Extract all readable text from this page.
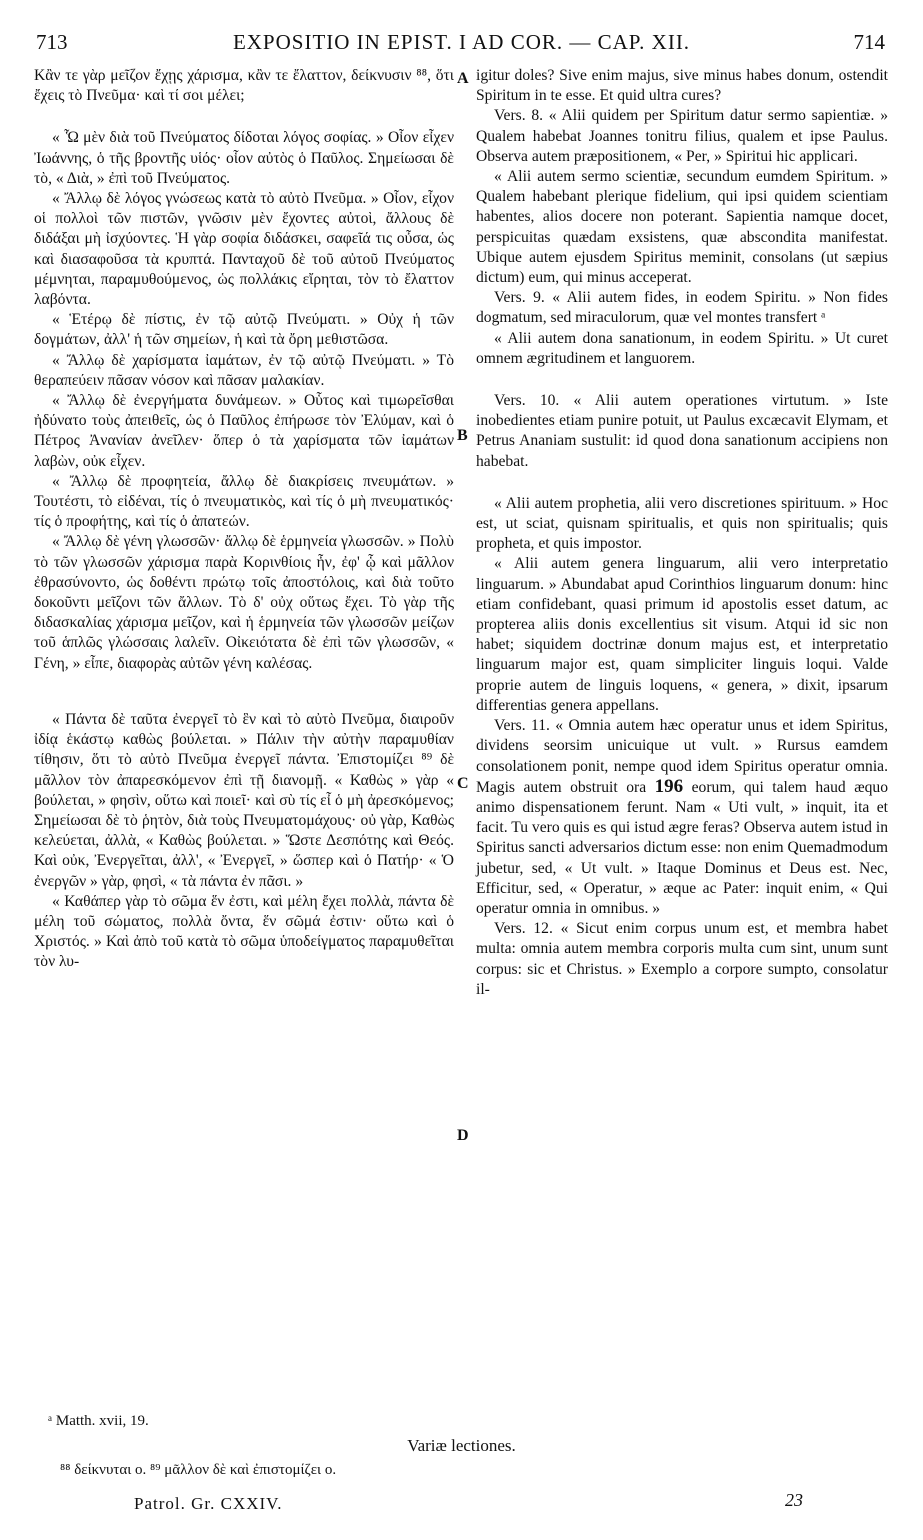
713	EXPOSITIO IN EPIST. I AD COR. — CAP. XII.	714
A
B
C
D

Κἂν τε γὰρ μεῖζον ἔχῃς χάρισμα, κἂν τε ἔλαττον, δείκνυσιν ⁸⁸, ὅτι ἔχεις τὸ Πνεῦμα· καὶ τί σοι μέλει;

« Ὧ μὲν διὰ τοῦ Πνεύματος δίδοται λόγος σοφίας. » Οἷον εἶχεν Ἰωάννης, ὁ τῆς βροντῆς υἱός· οἷον αὐτὸς ὁ Παῦλος. Σημείωσαι δὲ τὸ, « Διὰ, » ἐπὶ τοῦ Πνεύματος.

« Ἄλλῳ δὲ λόγος γνώσεως κατὰ τὸ αὐτὸ Πνεῦμα. » Οἷον, εἶχον οἱ πολλοὶ τῶν πιστῶν, γνῶσιν μὲν ἔχοντες αὐτοὶ, ἄλλους δὲ διδάξαι μὴ ἰσχύοντες. Ἡ γὰρ σοφία διδάσκει, σαφεῖά τις οὖσα, ὡς καὶ διασαφοῦσα τὰ κρυπτά. Πανταχοῦ δὲ τοῦ αὐτοῦ Πνεύματος μέμνηται, παραμυθούμενος, ὡς πολλάκις εἴρηται, τὸν τὸ ἔλαττον λαβόντα.

« Ἑτέρῳ δὲ πίστις, ἐν τῷ αὐτῷ Πνεύματι. » Οὐχ ἡ τῶν δογμάτων, ἀλλ' ἡ τῶν σημείων, ἡ καὶ τὰ ὄρη μεθιστῶσα.

« Ἄλλῳ δὲ χαρίσματα ἰαμάτων, ἐν τῷ αὐτῷ Πνεύματι. » Τὸ θεραπεύειν πᾶσαν νόσον καὶ πᾶσαν μαλακίαν.

« Ἄλλῳ δὲ ἐνεργήματα δυνάμεων. » Οὗτος καὶ τιμωρεῖσθαι ἠδύνατο τοὺς ἀπειθεῖς, ὡς ὁ Παῦλος ἐπήρωσε τὸν Ἐλύμαν, καὶ ὁ Πέτρος Ἀνανίαν ἀνεῖλεν· ὅπερ ὁ τὰ χαρίσματα τῶν ἰαμάτων λαβὼν, οὐκ εἶχεν.

« Ἄλλῳ δὲ προφητεία, ἄλλῳ δὲ διακρίσεις πνευμάτων. » Τουτέστι, τὸ εἰδέναι, τίς ὁ πνευματικὸς, καὶ τίς ὁ μὴ πνευματικός· τίς ὁ προφήτης, καὶ τίς ὁ ἀπατεών.

« Ἄλλῳ δὲ γένη γλωσσῶν· ἄλλῳ δὲ ἑρμηνεία γλωσσῶν. » Πολὺ τὸ τῶν γλωσσῶν χάρισμα παρὰ Κορινθίοις ἦν, ἐφ' ᾧ καὶ μᾶλλον ἐθρασύνοντο, ὡς δοθέντι πρώτῳ τοῖς ἀποστόλοις, καὶ διὰ τοῦτο δοκοῦντι μεῖζονι τῶν ἄλλων. Τὸ δ' οὐχ οὕτως ἔχει. Τὸ γὰρ τῆς διδασκαλίας χάρισμα μεῖζον, καὶ ἡ ἑρμηνεία τῶν γλωσσῶν μείζων τοῦ ἁπλῶς γλώσσαις λαλεῖν. Οἰκειότατα δὲ ἐπὶ τῶν γλωσσῶν, « Γένη, » εἶπε, διαφορὰς αὐτῶν γένη καλέσας.

« Πάντα δὲ ταῦτα ἐνεργεῖ τὸ ἓν καὶ τὸ αὐτὸ Πνεῦμα, διαιροῦν ἰδίᾳ ἑκάστῳ καθὼς βούλεται. » Πάλιν τὴν αὐτὴν παραμυθίαν τίθησιν, ὅτι τὸ αὐτὸ Πνεῦμα ἐνεργεῖ πάντα. Ἐπιστομίζει ⁸⁹ δὲ μᾶλλον τὸν ἀπαρεσκόμενον ἐπὶ τῇ διανομῇ. « Καθὼς » γὰρ « βούλεται, » φησὶν, οὕτω καὶ ποιεῖ· καὶ σὺ τίς εἶ ὁ μὴ ἀρεσκόμενος; Σημείωσαι δὲ τὸ ῥητὸν, διὰ τοὺς Πνευματομάχους· οὐ γὰρ, Καθὼς κελεύεται, ἀλλὰ, « Καθὼς βούλεται. » Ὥστε Δεσπότης καὶ Θεός. Καὶ οὐκ, Ἐνεργεῖται, ἀλλ', « Ἐνεργεῖ, » ὥσπερ καὶ ὁ Πατήρ· « Ὁ ἐνεργῶν » γὰρ, φησὶ, « τὰ πάντα ἐν πᾶσι. »

« Καθάπερ γὰρ τὸ σῶμα ἕν ἐστι, καὶ μέλη ἔχει πολλὰ, πάντα δὲ μέλη τοῦ σώματος, πολλὰ ὄντα, ἕν σῶμά ἐστιν· οὕτω καὶ ὁ Χριστός. » Καὶ ἀπὸ τοῦ κατὰ τὸ σῶμα ὑποδείγματος παραμυθεῖται τὸν λυ-

igitur doles? Sive enim majus, sive minus habes donum, ostendit Spiritum in te esse. Et quid ultra cures?

Vers. 8. « Alii quidem per Spiritum datur sermo sapientiæ. » Qualem habebat Joannes tonitru filius, qualem et ipse Paulus. Observa autem præpositionem, « Per, » Spiritui hic applicari.

« Alii autem sermo scientiæ, secundum eumdem Spiritum. » Qualem habebant plerique fidelium, qui ipsi quidem scientiam habentes, alios docere non poterant. Sapientia namque docet, perspicuitas quædam exsistens, quæ abscondita manifestat. Ubique autem ejusdem Spiritus meminit, consolans (ut sæpius dictum) eum, qui minus acceperat.

Vers. 9. « Alii autem fides, in eodem Spiritu. » Non fides dogmatum, sed miraculorum, quæ vel montes transfert ᵃ

« Alii autem dona sanationum, in eodem Spiritu. » Ut curet omnem ægritudinem et languorem.

Vers. 10. « Alii autem operationes virtutum. » Iste inobedientes etiam punire potuit, ut Paulus excæcavit Elymam, et Petrus Ananiam sustulit: id quod dona sanationum accipiens non habebat.

« Alii autem prophetia, alii vero discretiones spirituum. » Hoc est, ut sciat, quisnam spiritualis, et quis non spiritualis; quis propheta, et quis impostor.

« Alii autem genera linguarum, alii vero interpretatio linguarum. » Abundabat apud Corinthios linguarum donum: hinc etiam confidebant, quasi primum id apostolis esset datum, ac propterea aliis donis excellentius sit visum. Atqui id sic non habet; siquidem doctrinæ donum majus est, et interpretatio linguarum major est, quam simpliciter linguis loqui. Valde proprie autem de linguis loquens, « genera, » dixit, ipsarum differentias genera appellans.

Vers. 11. « Omnia autem hæc operatur unus et idem Spiritus, dividens seorsim unicuique ut vult. » Rursus eamdem consolationem ponit, nempe quod idem Spiritus operatur omnia. Magis autem obstruit ora 196 eorum, qui talem haud æquo animo dispensationem ferunt. Nam « Uti vult, » inquit, ita et facit. Tu vero quis es qui istud ægre feras? Observa autem istud in Spiritus sancti adversarios dictum esse: non enim Quemadmodum jubetur, sed, « Ut vult. » Itaque Dominus et Deus est. Nec, Efficitur, sed, « Operatur, » æque ac Pater: inquit enim, « Qui operatur omnia in omnibus. »

Vers. 12. « Sicut enim corpus unum est, et membra habet multa: omnia autem membra corporis multa cum sint, unum sunt corpus: sic et Christus. » Exemplo a corpore sumpto, consolatur il-

ᵃ Matth. xvii, 19.
Variæ lectiones.
⁸⁸ δείκνυται ο. ⁸⁹ μᾶλλον δὲ καὶ ἐπιστομίζει ο.
Patrol. Gr. CXXIV.	23
